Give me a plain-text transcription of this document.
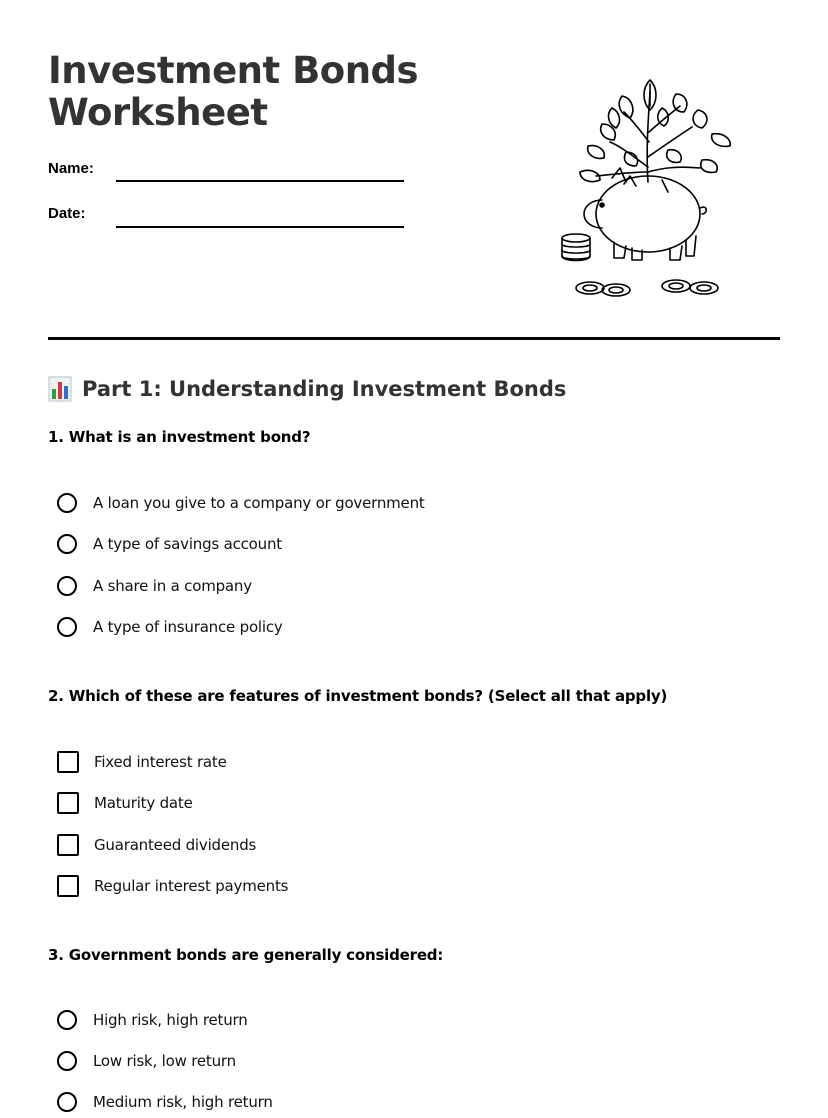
Investment Bonds
Worksheet
Name:
Date:
Part 1: Understanding Investment Bonds
1. What is an investment bond?
A loan you give to a company or government
A type of savings account
A share in a company
A type of insurance policy
2. Which of these are features of investment bonds? (Select all that apply)
Fixed interest rate
Maturity date
Guaranteed dividends
Regular interest payments
3. Government bonds are generally considered:
High risk, high return
Low risk, low return
Medium risk, high return
